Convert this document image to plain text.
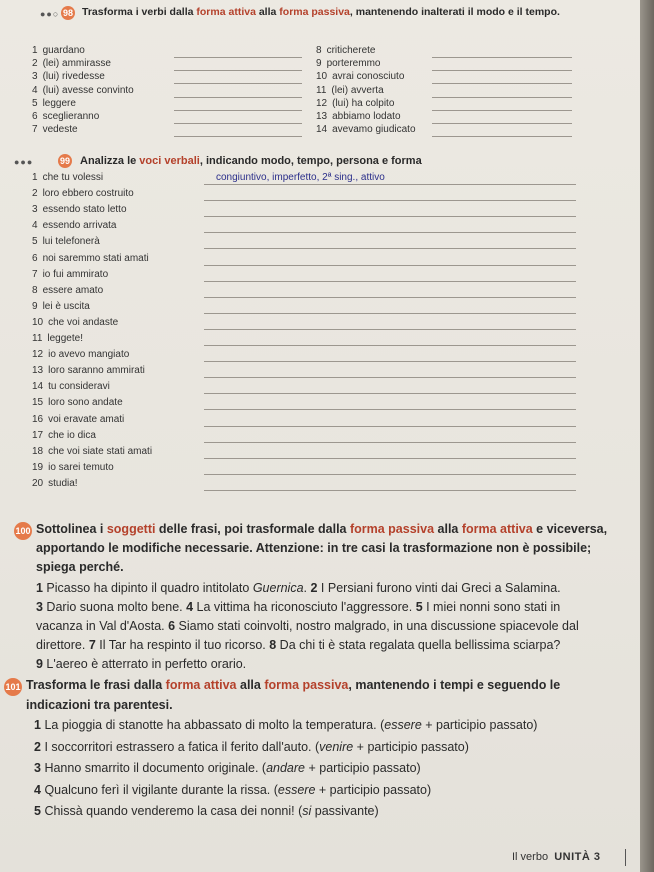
●●○ 98 Trasforma i verbi dalla forma attiva alla forma passiva, mantenendo inalterati il modo e il tempo.
1 guardano
2 (lei) ammirasse
3 (lui) rivedesse
4 (lui) avesse convinto
5 leggere
6 sceglieranno
7 vedeste
8 criticherete
9 porteremmo
10 avrai conosciuto
11 (lei) avverta
12 (lui) ha colpito
13 abbiamo lodato
14 avevamo giudicato
●●●	99 Analizza le voci verbali, indicando modo, tempo, persona e forma
congiuntivo, imperfetto, 2ª sing., attivo
1 che tu volessi
2 loro ebbero costruito
3 essendo stato letto
4 essendo arrivata
5 lui telefonerà
6 noi saremmo stati amati
7 io fui ammirato
8 essere amato
9 lei è uscita
10 che voi andaste
11 leggete!
12 io avevo mangiato
13 loro saranno ammirati
14 tu consideravi
15 loro sono andate
16 voi eravate amati
17 che io dica
18 che voi siate stati amati
19 io sarei temuto
20 studia!
100 Sottolinea i soggetti delle frasi, poi trasformale dalla forma passiva alla forma attiva e viceversa,
apportando le modifiche necessarie. Attenzione: in tre casi la trasformazione non è possibile;
spiega perché.
1 Picasso ha dipinto il quadro intitolato Guernica. 2 I Persiani furono vinti dai Greci a Salamina.
3 Dario suona molto bene. 4 La vittima ha riconosciuto l'aggressore. 5 I miei nonni sono stati in
vacanza in Val d'Aosta. 6 Siamo stati coinvolti, nostro malgrado, in una discussione spiacevole dal
direttore. 7 Il Tar ha respinto il tuo ricorso. 8 Da chi ti è stata regalata quella bellissima sciarpa?
9 L'aereo è atterrato in perfetto orario.
101 Trasforma le frasi dalla forma attiva alla forma passiva, mantenendo i tempi e seguendo le
indicazioni tra parentesi.
1 La pioggia di stanotte ha abbassato di molto la temperatura. (essere + participio passato)
2 I soccorritori estrassero a fatica il ferito dall'auto. (venire + participio passato)
3 Hanno smarrito il documento originale. (andare + participio passato)
4 Qualcuno ferì il vigilante durante la rissa. (essere + participio passato)
5 Chissà quando venderemo la casa dei nonni! (si passivante)
Il verbo UNITÀ 3
